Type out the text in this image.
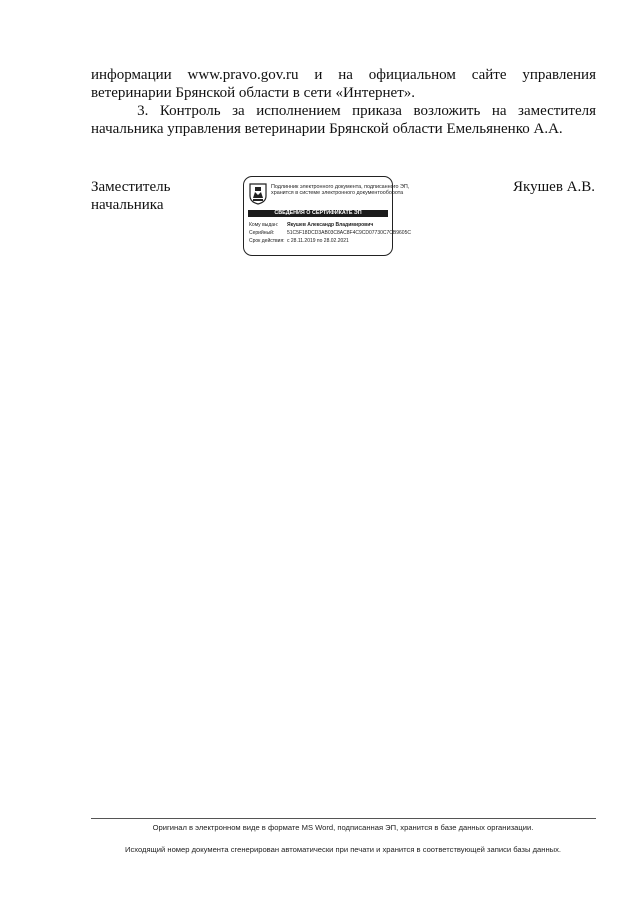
информации www.pravo.gov.ru и на официальном сайте управления
ветеринарии Брянской области в сети «Интернет».
3.  Контроль  за  исполнением  приказа  возложить  на  заместителя
начальника управления ветеринарии Брянской области Емельяненко А.А.
Заместитель
начальника
Подлинник электронного документа, подписанного ЭП,
хранится в системе электронного документооборота
СВЕДЕНИЯ О СЕРТИФИКАТЕ ЭП
Кому выдан: Якушев Александр Владимирович
Серийный:	51C5F18DCD3AB03C8AC8F4C9CD07730C7CB9605C
Срок действия: с 28.11.2019 по 28.02.2021
Якушев А.В.
Оригинал в электронном виде в формате MS Word, подписанная ЭП, хранится в базе данных организации.
Исходящий номер документа сгенерирован автоматически при печати и хранится в соответствующей записи базы данных.
